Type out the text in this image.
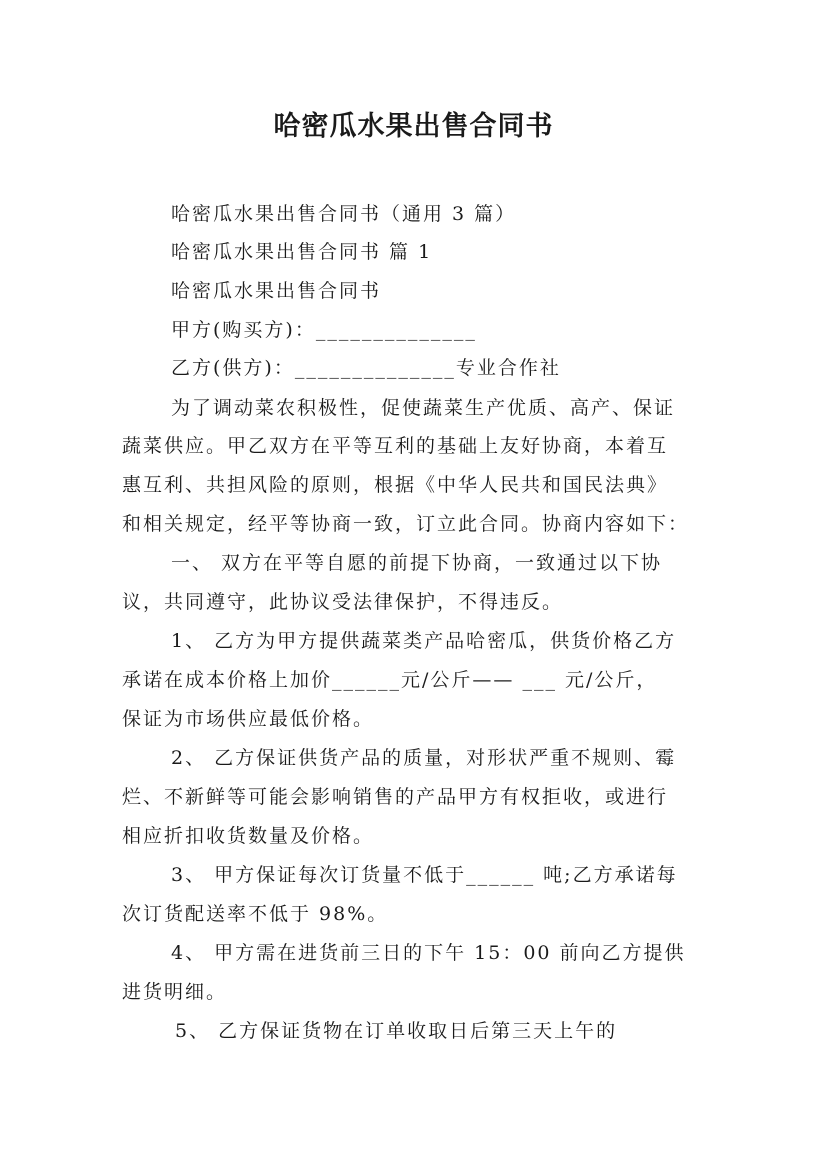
哈密瓜水果出售合同书
哈密瓜水果出售合同书（通用 3 篇）
哈密瓜水果出售合同书 篇 1
哈密瓜水果出售合同书
甲方(购买方)：______________
乙方(供方)：______________专业合作社
为了调动菜农积极性，促使蔬菜生产优质、高产、保证
蔬菜供应。甲乙双方在平等互利的基础上友好协商，本着互
惠互利、共担风险的原则，根据《中华人民共和国民法典》
和相关规定，经平等协商一致，订立此合同。协商内容如下：
一、 双方在平等自愿的前提下协商，一致通过以下协
议，共同遵守，此协议受法律保护，不得违反。
1、 乙方为甲方提供蔬菜类产品哈密瓜，供货价格乙方
承诺在成本价格上加价______元/公斤—— ___ 元/公斤，
保证为市场供应最低价格。
2、 乙方保证供货产品的质量，对形状严重不规则、霉
烂、不新鲜等可能会影响销售的产品甲方有权拒收，或进行
相应折扣收货数量及价格。
3、 甲方保证每次订货量不低于______ 吨;乙方承诺每
次订货配送率不低于 98%。
4、 甲方需在进货前三日的下午 15：00 前向乙方提供
进货明细。
5、 乙方保证货物在订单收取日后第三天上午的
